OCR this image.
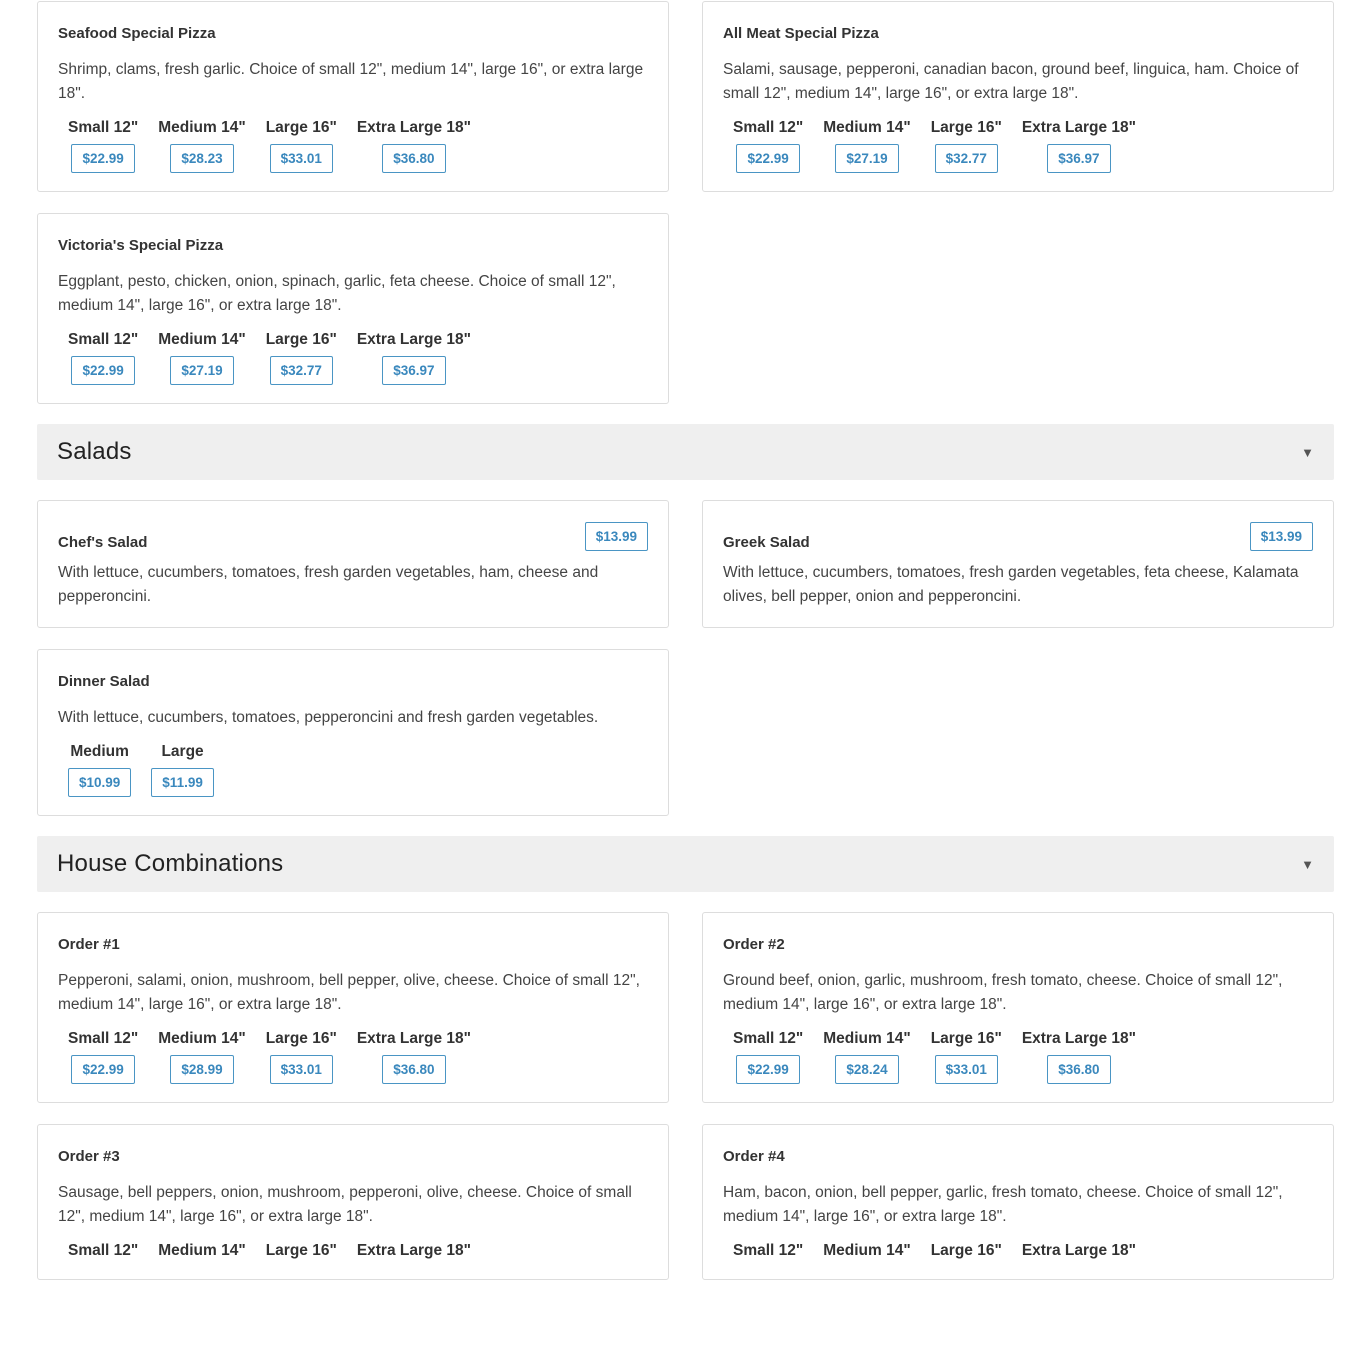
Seafood Special Pizza
Shrimp, clams, fresh garlic. Choice of small 12", medium 14", large 16", or extra large 18".
Small 12"
$22.99
Medium 14"
$28.23
Large 16"
$33.01
Extra Large 18"
$36.80
All Meat Special Pizza
Salami, sausage, pepperoni, canadian bacon, ground beef, linguica, ham. Choice of small 12", medium 14", large 16", or extra large 18".
Small 12"
$22.99
Medium 14"
$27.19
Large 16"
$32.77
Extra Large 18"
$36.97
Victoria's Special Pizza
Eggplant, pesto, chicken, onion, spinach, garlic, feta cheese. Choice of small 12", medium 14", large 16", or extra large 18".
Small 12"
$22.99
Medium 14"
$27.19
Large 16"
$32.77
Extra Large 18"
$36.97
Salads	▼
Chef's Salad	$13.99
With lettuce, cucumbers, tomatoes, fresh garden vegetables, ham, cheese and pepperoncini.
Greek Salad	$13.99
With lettuce, cucumbers, tomatoes, fresh garden vegetables, feta cheese, Kalamata olives, bell pepper, onion and pepperoncini.
Dinner Salad
With lettuce, cucumbers, tomatoes, pepperoncini and fresh garden vegetables.
Medium
$10.99
Large
$11.99
House Combinations	▼
Order #1
Pepperoni, salami, onion, mushroom, bell pepper, olive, cheese. Choice of small 12", medium 14", large 16", or extra large 18".
Small 12"
$22.99
Medium 14"
$28.99
Large 16"
$33.01
Extra Large 18"
$36.80
Order #2
Ground beef, onion, garlic, mushroom, fresh tomato, cheese. Choice of small 12", medium 14", large 16", or extra large 18".
Small 12"
$22.99
Medium 14"
$28.24
Large 16"
$33.01
Extra Large 18"
$36.80
Order #3
Sausage, bell peppers, onion, mushroom, pepperoni, olive, cheese. Choice of small 12", medium 14", large 16", or extra large 18".
Small 12" Medium 14" Large 16" Extra Large 18"
Order #4
Ham, bacon, onion, bell pepper, garlic, fresh tomato, cheese. Choice of small 12", medium 14", large 16", or extra large 18".
Small 12" Medium 14" Large 16" Extra Large 18"
